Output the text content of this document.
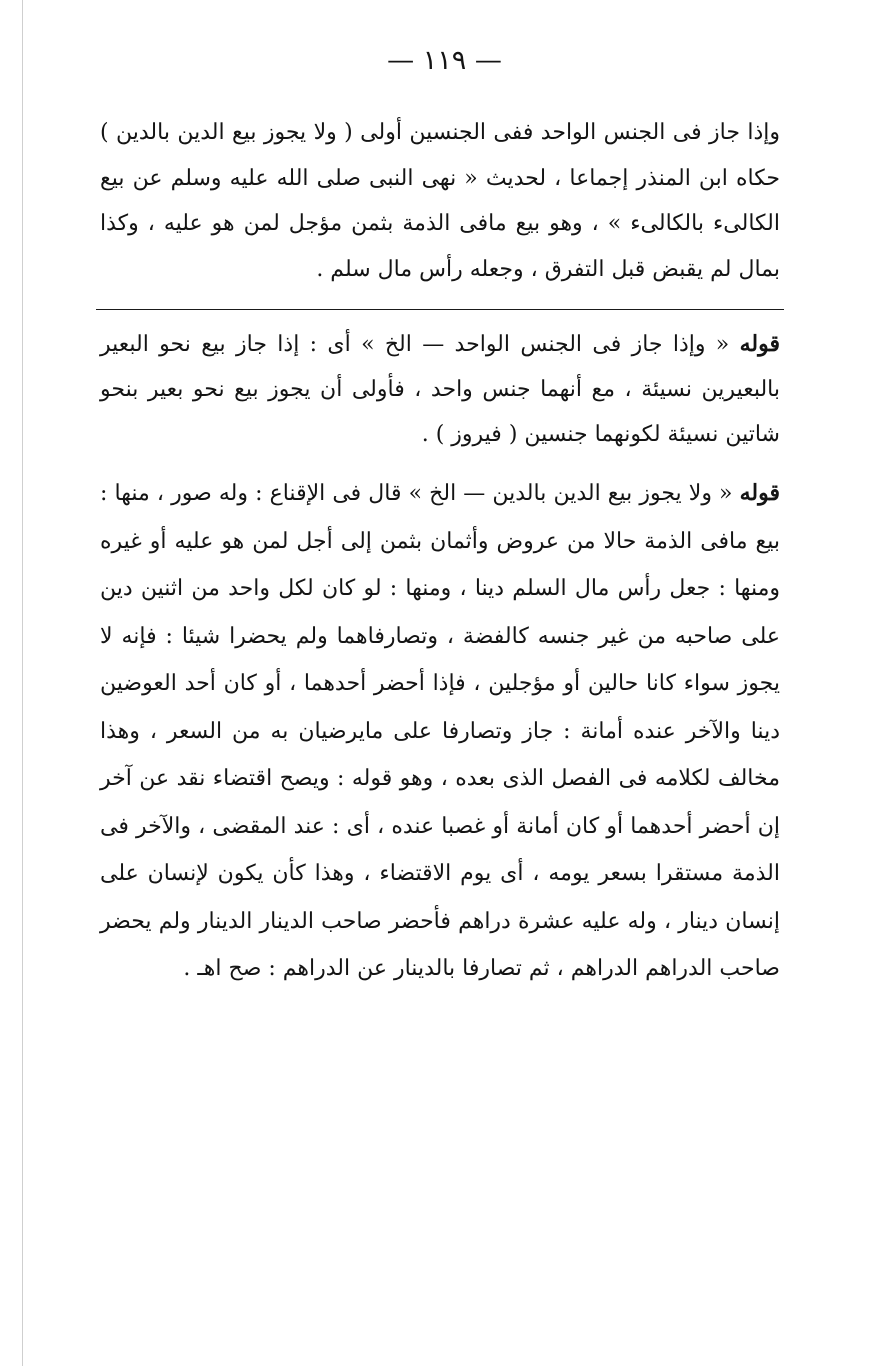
— ١١٩ —

وإذا جاز فى الجنس الواحد ففى الجنسين أولى ( ولا يجوز بيع الدين بالدين ) حكاه ابن المنذر إجماعا ، لحديث « نهى النبى صلى الله عليه وسلم عن بيع الكالىء بالكالىء » ، وهو بيع مافى الذمة بثمن مؤجل لمن هو عليه ، وكذا بمال لم يقبض قبل التفرق ، وجعله رأس مال سلم .

قوله « وإذا جاز فى الجنس الواحد — الخ » أى : إذا جاز بيع نحو البعير بالبعيرين نسيئة ، مع أنهما جنس واحد ، فأولى أن يجوز بيع نحو بعير بنحو شاتين نسيئة لكونهما جنسين ( فيروز ) .

قوله « ولا يجوز بيع الدين بالدين — الخ » قال فى الإقناع : وله صور ، منها : بيع مافى الذمة حالا من عروض وأثمان بثمن إلى أجل لمن هو عليه أو غيره ومنها : جعل رأس مال السلم دينا ، ومنها : لو كان لكل واحد من اثنين دين على صاحبه من غير جنسه كالفضة ، وتصارفاهما ولم يحضرا شيئا : فإنه لا يجوز سواء كانا حالين أو مؤجلين ، فإذا أحضر أحدهما ، أو كان أحد العوضين دينا والآخر عنده أمانة : جاز وتصارفا على مايرضيان به من السعر ، وهذا مخالف لكلامه فى الفصل الذى بعده ، وهو قوله : ويصح اقتضاء نقد عن آخر إن أحضر أحدهما أو كان أمانة أو غصبا عنده ، أى : عند المقضى ، والآخر فى الذمة مستقرا بسعر يومه ، أى يوم الاقتضاء ، وهذا كأن يكون لإنسان على إنسان دينار ، وله عليه عشرة دراهم فأحضر صاحب الدينار الدينار ولم يحضر صاحب الدراهم الدراهم ، ثم تصارفا بالدينار عن الدراهم : صح اهـ .
